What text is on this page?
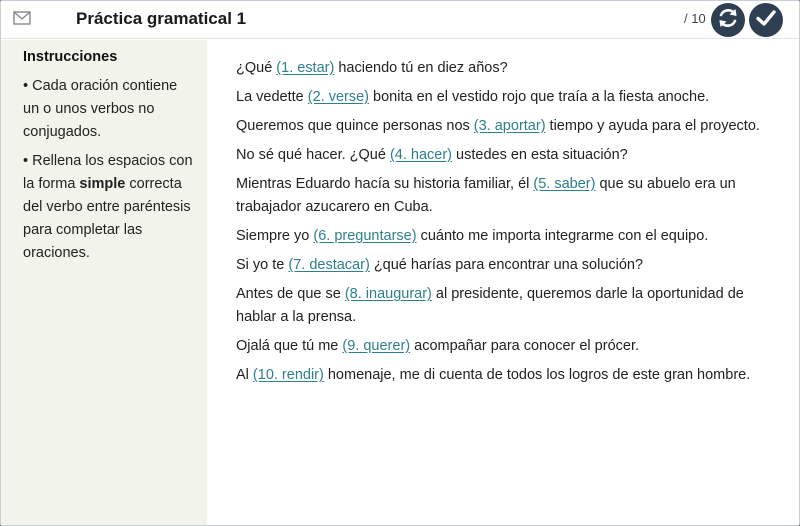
Práctica gramatical 1	/ 10
Instrucciones

• Cada oración contiene un o unos verbos no conjugados.

• Rellena los espacios con la forma simple correcta del verbo entre paréntesis para completar las oraciones.

¿Qué (1. estar) haciendo tú en diez años?

La vedette (2. verse) bonita en el vestido rojo que traía a la fiesta anoche.

Queremos que quince personas nos (3. aportar) tiempo y ayuda para el proyecto.

No sé qué hacer. ¿Qué (4. hacer) ustedes en esta situación?

Mientras Eduardo hacía su historia familiar, él (5. saber) que su abuelo era un trabajador azucarero en Cuba.

Siempre yo (6. preguntarse) cuánto me importa integrarme con el equipo.

Si yo te (7. destacar) ¿qué harías para encontrar una solución?

Antes de que se (8. inaugurar) al presidente, queremos darle la oportunidad de hablar a la prensa.

Ojalá que tú me (9. querer) acompañar para conocer el prócer.

Al (10. rendir) homenaje, me di cuenta de todos los logros de este gran hombre.
